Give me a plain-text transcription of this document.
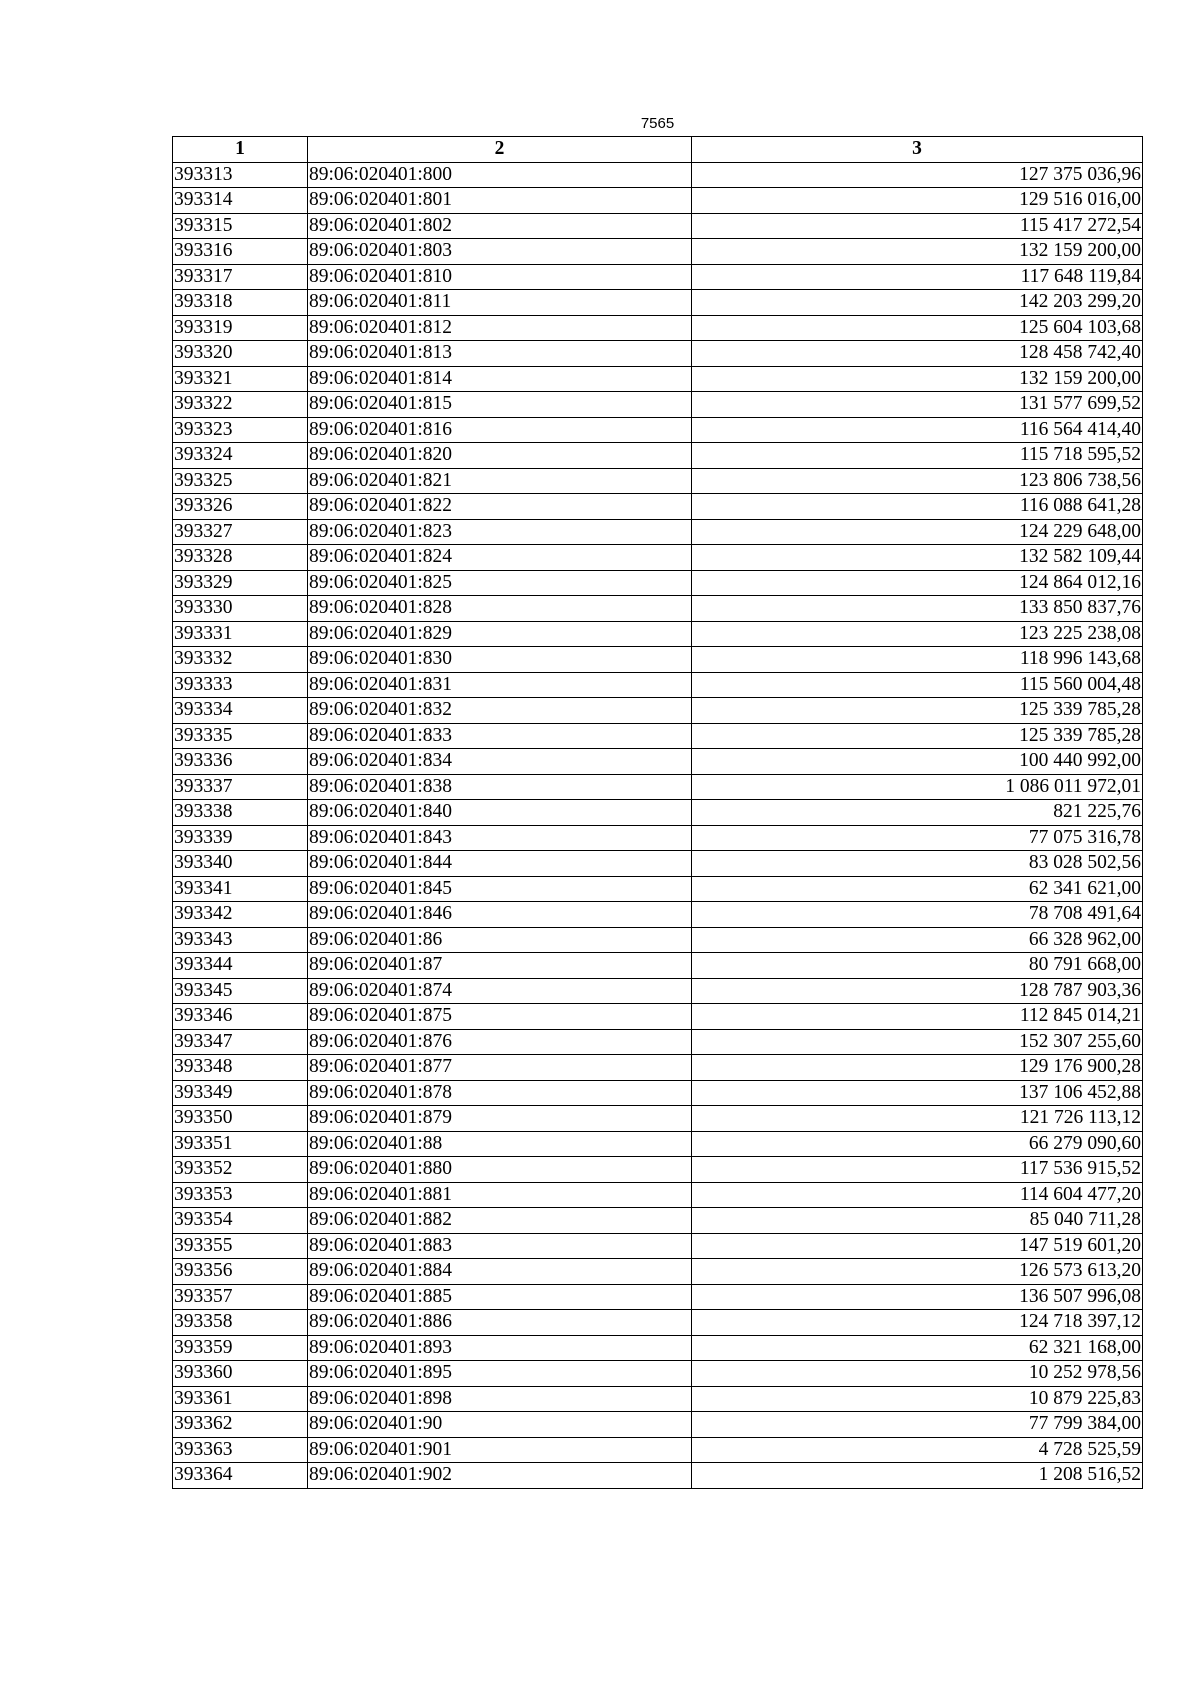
7565
1	2	3
393313	89:06:020401:800	127 375 036,96
393314	89:06:020401:801	129 516 016,00
393315	89:06:020401:802	115 417 272,54
393316	89:06:020401:803	132 159 200,00
393317	89:06:020401:810	117 648 119,84
393318	89:06:020401:811	142 203 299,20
393319	89:06:020401:812	125 604 103,68
393320	89:06:020401:813	128 458 742,40
393321	89:06:020401:814	132 159 200,00
393322	89:06:020401:815	131 577 699,52
393323	89:06:020401:816	116 564 414,40
393324	89:06:020401:820	115 718 595,52
393325	89:06:020401:821	123 806 738,56
393326	89:06:020401:822	116 088 641,28
393327	89:06:020401:823	124 229 648,00
393328	89:06:020401:824	132 582 109,44
393329	89:06:020401:825	124 864 012,16
393330	89:06:020401:828	133 850 837,76
393331	89:06:020401:829	123 225 238,08
393332	89:06:020401:830	118 996 143,68
393333	89:06:020401:831	115 560 004,48
393334	89:06:020401:832	125 339 785,28
393335	89:06:020401:833	125 339 785,28
393336	89:06:020401:834	100 440 992,00
393337	89:06:020401:838	1 086 011 972,01
393338	89:06:020401:840	821 225,76
393339	89:06:020401:843	77 075 316,78
393340	89:06:020401:844	83 028 502,56
393341	89:06:020401:845	62 341 621,00
393342	89:06:020401:846	78 708 491,64
393343	89:06:020401:86	66 328 962,00
393344	89:06:020401:87	80 791 668,00
393345	89:06:020401:874	128 787 903,36
393346	89:06:020401:875	112 845 014,21
393347	89:06:020401:876	152 307 255,60
393348	89:06:020401:877	129 176 900,28
393349	89:06:020401:878	137 106 452,88
393350	89:06:020401:879	121 726 113,12
393351	89:06:020401:88	66 279 090,60
393352	89:06:020401:880	117 536 915,52
393353	89:06:020401:881	114 604 477,20
393354	89:06:020401:882	85 040 711,28
393355	89:06:020401:883	147 519 601,20
393356	89:06:020401:884	126 573 613,20
393357	89:06:020401:885	136 507 996,08
393358	89:06:020401:886	124 718 397,12
393359	89:06:020401:893	62 321 168,00
393360	89:06:020401:895	10 252 978,56
393361	89:06:020401:898	10 879 225,83
393362	89:06:020401:90	77 799 384,00
393363	89:06:020401:901	4 728 525,59
393364	89:06:020401:902	1 208 516,52
